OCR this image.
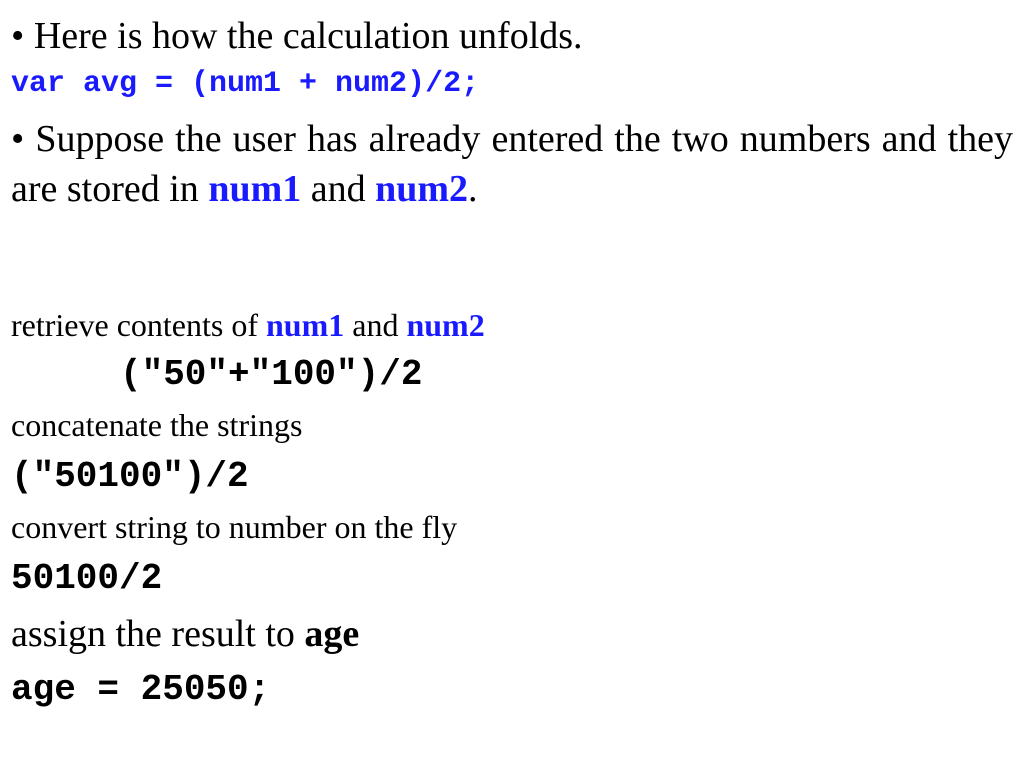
• Here is how the calculation unfolds.
var avg = (num1 + num2)/2;
• Suppose the user has already entered the two numbers and they are stored in num1 and num2.
retrieve contents of num1 and num2
("50"+"100")/2
concatenate the strings
("50100")/2
convert string to number on the fly
50100/2
assign the result to age
age = 25050;
